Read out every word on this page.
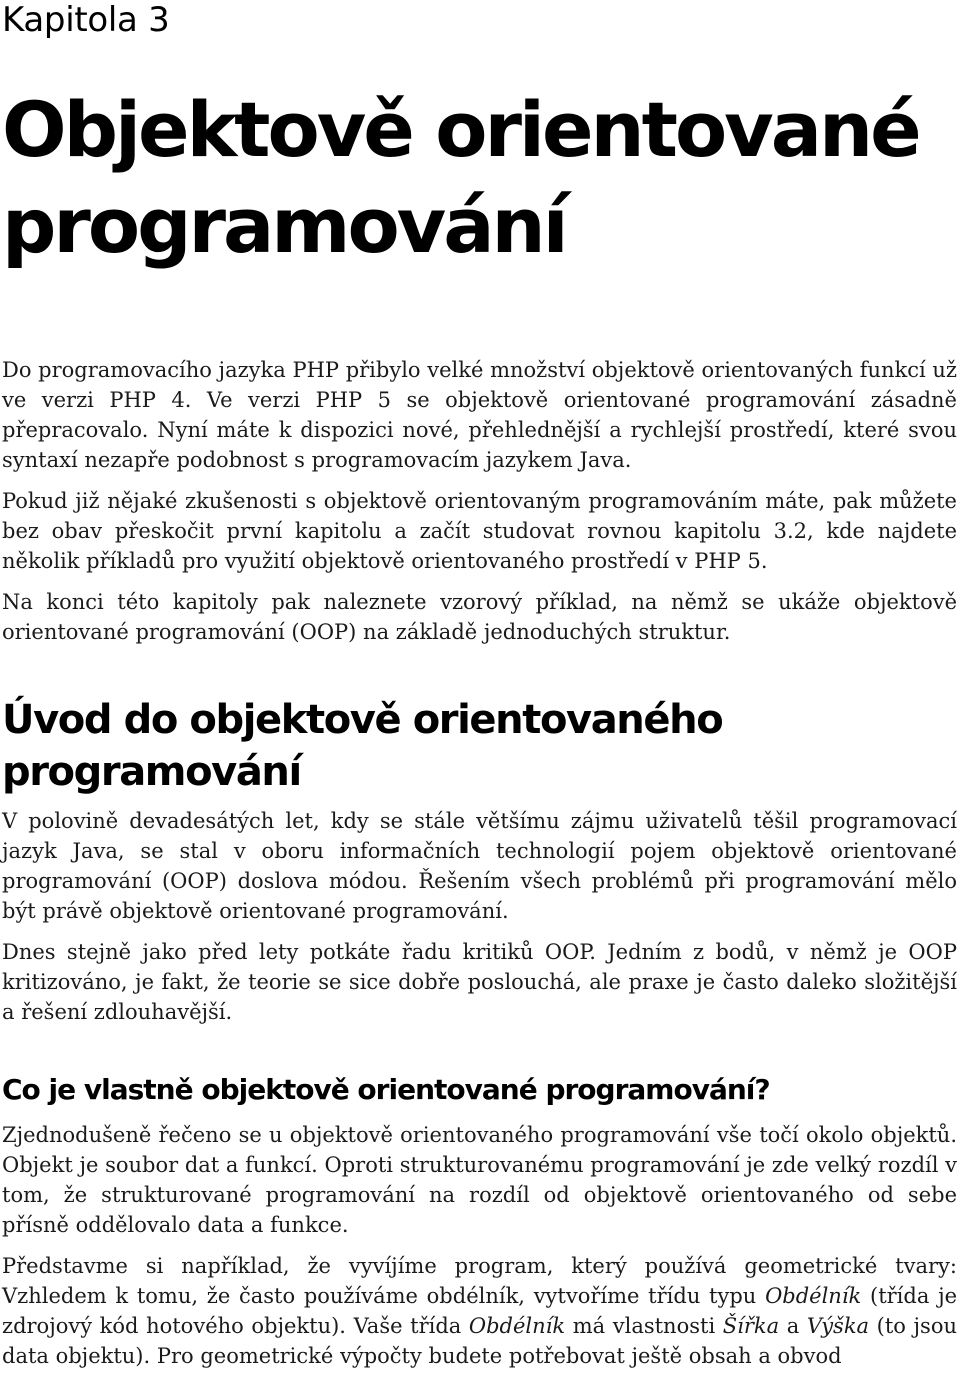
Kapitola 3
Objektově orientované programování

Do programovacího jazyka PHP přibylo velké množství objektově orientovaných funkcí už ve verzi PHP 4. Ve verzi PHP 5 se objektově orientované programování zásadně přepracovalo. Nyní máte k dispozici nové, přehlednější a rychlejší prostředí, které svou syntaxí nezapře podobnost s programovacím jazykem Java.

Pokud již nějaké zkušenosti s objektově orientovaným programováním máte, pak můžete bez obav přeskočit první kapitolu a začít studovat rovnou kapitolu 3.2, kde najdete několik příkladů pro využití objektově orientovaného prostředí v PHP 5.

Na konci této kapitoly pak naleznete vzorový příklad, na němž se ukáže objektově orientované programování (OOP) na základě jednoduchých struktur.

Úvod do objektově orientovaného programování

V polovině devadesátých let, kdy se stále většímu zájmu uživatelů těšil programovací jazyk Java, se stal v oboru informačních technologií pojem objektově orientované programování (OOP) doslova módou. Řešením všech problémů při programování mělo být právě objektově orientované programování.

Dnes stejně jako před lety potkáte řadu kritiků OOP. Jedním z bodů, v němž je OOP kritizováno, je fakt, že teorie se sice dobře poslouchá, ale praxe je často daleko složitější a řešení zdlouhavější.

Co je vlastně objektově orientované programování?

Zjednodušeně řečeno se u objektově orientovaného programování vše točí okolo objektů. Objekt je soubor dat a funkcí. Oproti strukturovanému programování je zde velký rozdíl v tom, že strukturované programování na rozdíl od objektově orientovaného od sebe přísně oddělovalo data a funkce.

Představme si například, že vyvíjíme program, který používá geometrické tvary: Vzhledem k tomu, že často používáme obdélník, vytvoříme třídu typu Obdélník (třída je zdrojový kód hotového objektu). Vaše třída Obdélník má vlastnosti Šířka a Výška (to jsou data objektu). Pro geometrické výpočty budete potřebovat ještě obsah a obvod
